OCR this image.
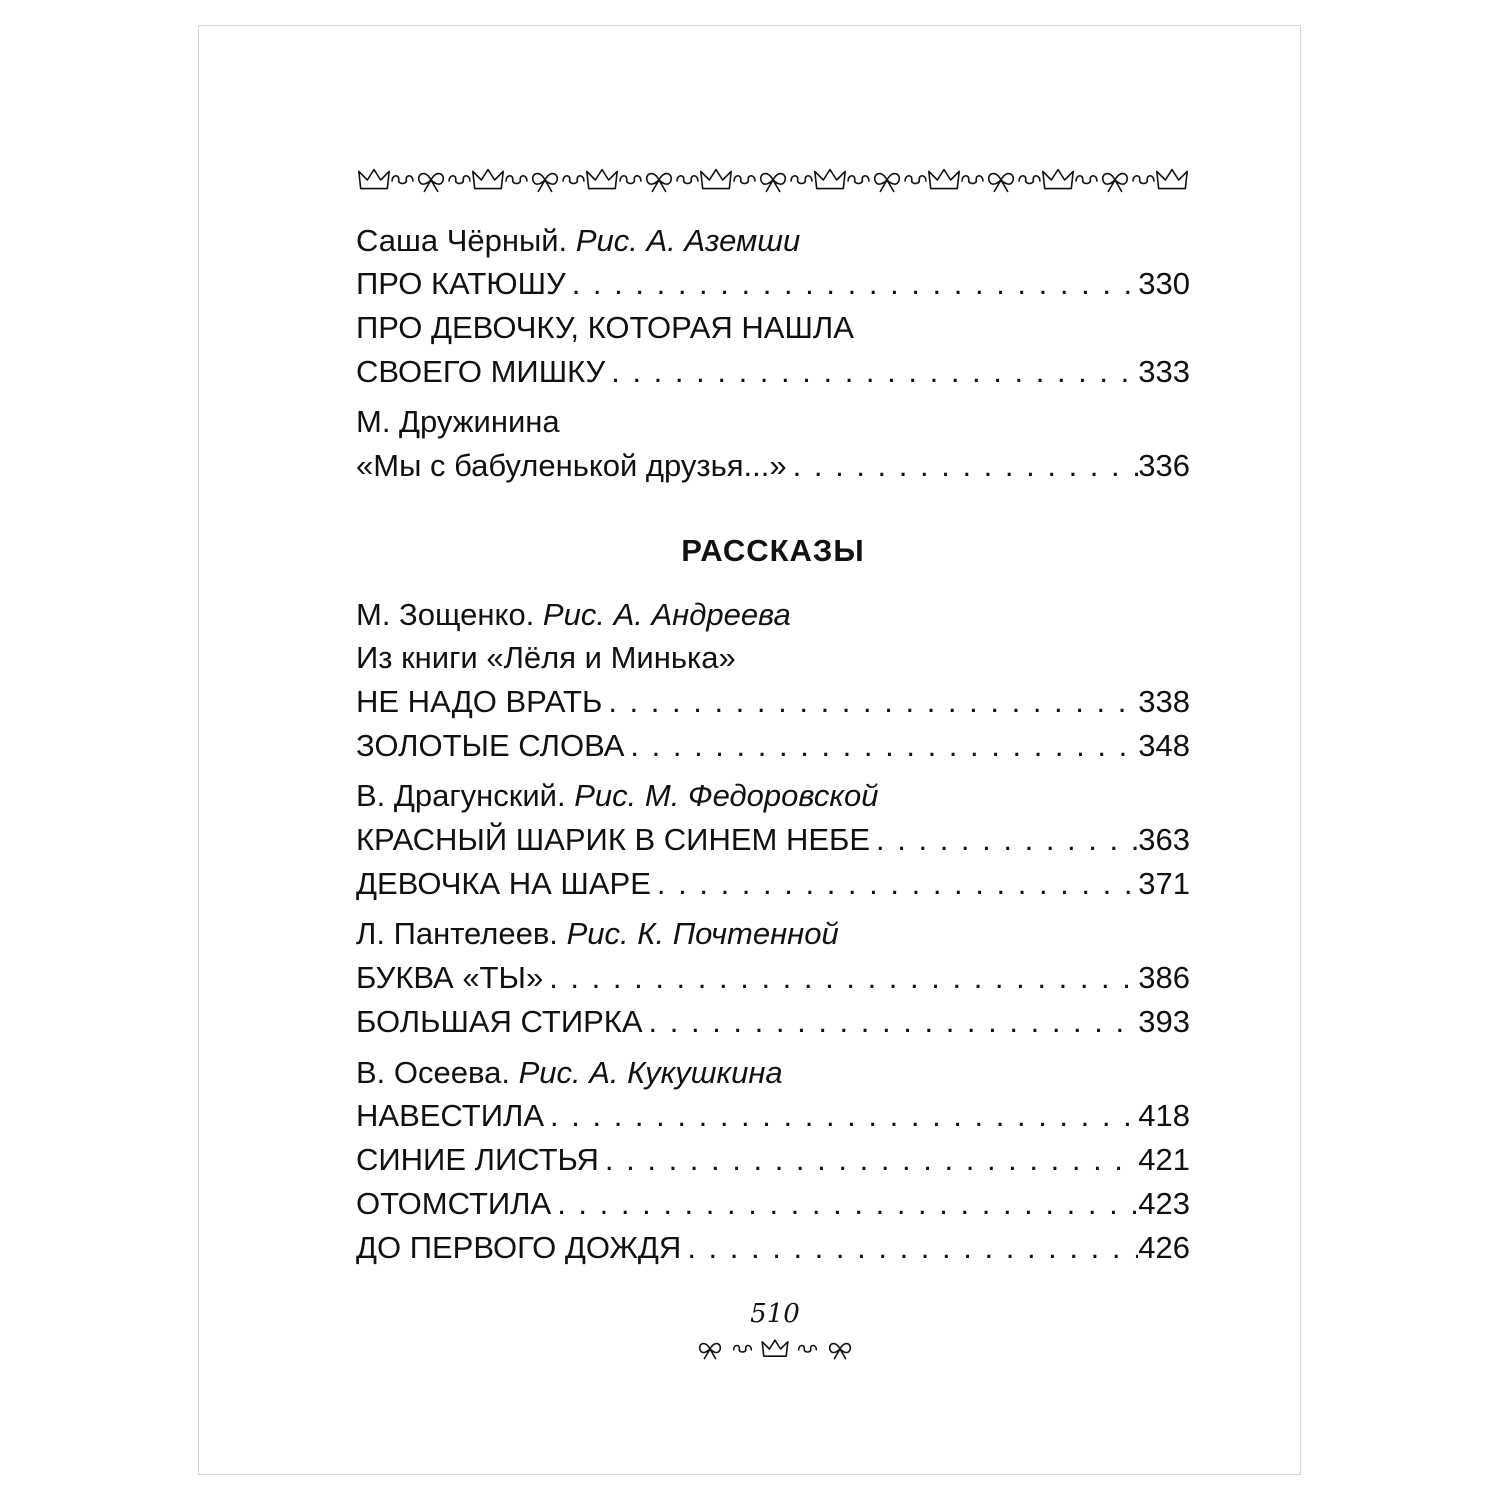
Саша Чёрный. Рис. А. Аземши
ПРО КАТЮШУ . . .	330
ПРО ДЕВОЧКУ, КОТОРАЯ НАШЛА
СВОЕГО МИШКУ . . .	333
М. Дружинина
«Мы с бабуленькой друзья...» . . .	336
РАССКАЗЫ
М. Зощенко. Рис. А. Андреева
Из книги «Лёля и Минька»
НЕ НАДО ВРАТЬ . . .	338
ЗОЛОТЫЕ СЛОВА . . .	348
В. Драгунский. Рис. М. Федоровской
КРАСНЫЙ ШАРИК В СИНЕМ НЕБЕ . . .	363
ДЕВОЧКА НА ШАРЕ . . .	371
Л. Пантелеев. Рис. К. Почтенной
БУКВА «ТЫ» . . .	386
БОЛЬШАЯ СТИРКА . . .	393
В. Осеева. Рис. А. Кукушкина
НАВЕСТИЛА . . .	418
СИНИЕ ЛИСТЬЯ . . .	421
ОТОМСТИЛА . . .	423
ДО ПЕРВОГО ДОЖДЯ . . .	426
510
